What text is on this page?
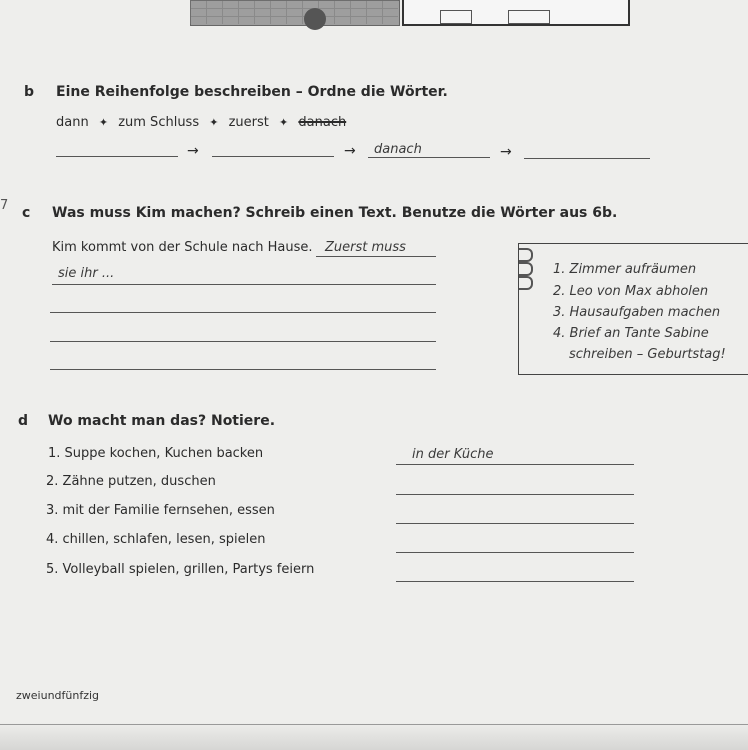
b Eine Reihenfolge beschreiben – Ordne die Wörter.
dann ✦ zum Schluss ✦ zuerst ✦ danach
→	→ danach	→
7 c Was muss Kim machen? Schreib einen Text. Benutze die Wörter aus 6b.
Kim kommt von der Schule nach Hause. Zuerst muss
sie ihr ...	1. Zimmer aufräumen
2. Leo von Max abholen
3. Hausaufgaben machen
4. Brief an Tante Sabine
schreiben – Geburtstag!
d Wo macht man das? Notiere.
1. Suppe kochen, Kuchen backen	in der Küche
2. Zähne putzen, duschen
3. mit der Familie fernsehen, essen
4. chillen, schlafen, lesen, spielen
5. Volleyball spielen, grillen, Partys feiern
zweiundfünfzig
